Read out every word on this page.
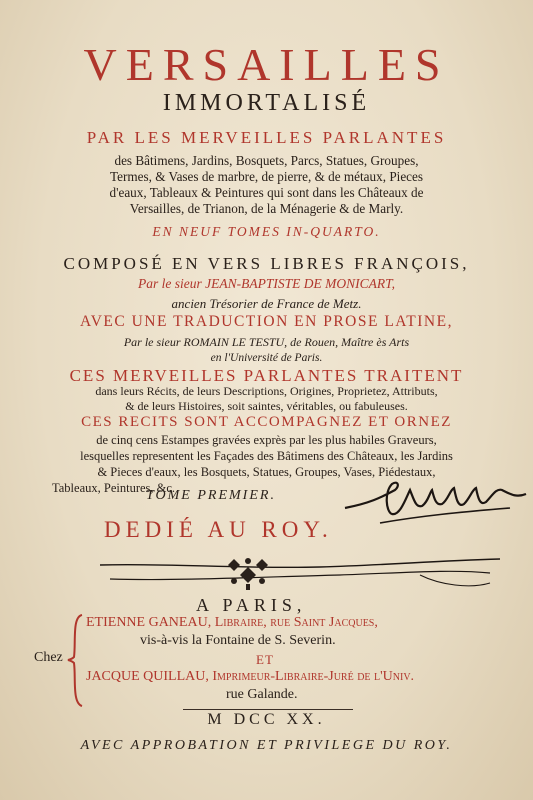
VERSAILLES
IMMORTALISÉ
PAR LES MERVEILLES PARLANTES
des Bâtimens, Jardins, Bosquets, Parcs, Statues, Groupes,
Termes, & Vases de marbre, de pierre, & de métaux, Pieces
d'eaux, Tableaux & Peintures qui sont dans les Châteaux de
Versailles, de Trianon, de la Ménagerie & de Marly.
EN NEUF TOMES IN-QUARTO.
COMPOSÉ EN VERS LIBRES FRANÇOIS,
Par le sieur JEAN-BAPTISTE DE MONICART,
ancien Trésorier de France de Metz.
AVEC UNE TRADUCTION EN PROSE LATINE,
Par le sieur ROMAIN LE TESTU, de Rouen, Maître ès Arts
en l'Université de Paris.
CES MERVEILLES PARLANTES TRAITENT
dans leurs Récits, de leurs Descriptions, Origines, Proprietez, Attributs,
& de leurs Histoires, soit saintes, véritables, ou fabuleuses.
CES RECITS SONT ACCOMPAGNEZ ET ORNEZ
de cinq cens Estampes gravées exprès par les plus habiles Graveurs,
lesquelles representent les Façades des Bâtimens des Châteaux, les Jardins
& Pieces d'eaux, les Bosquets, Statues, Groupes, Vases, Piédestaux,
Tableaux, Peintures, &c.
TOME PREMIER.
DEDIÉ AU ROY.
A PARIS,
ETIENNE GANEAU, Libraire, rue Saint Jacques,
vis-à-vis la Fontaine de S. Severin.
Chez	ET
JACQUE QUILLAU, Imprimeur-Libraire-Juré de l'Univ.
rue Galande.
M DCC XX.
AVEC APPROBATION ET PRIVILEGE DU ROY.
